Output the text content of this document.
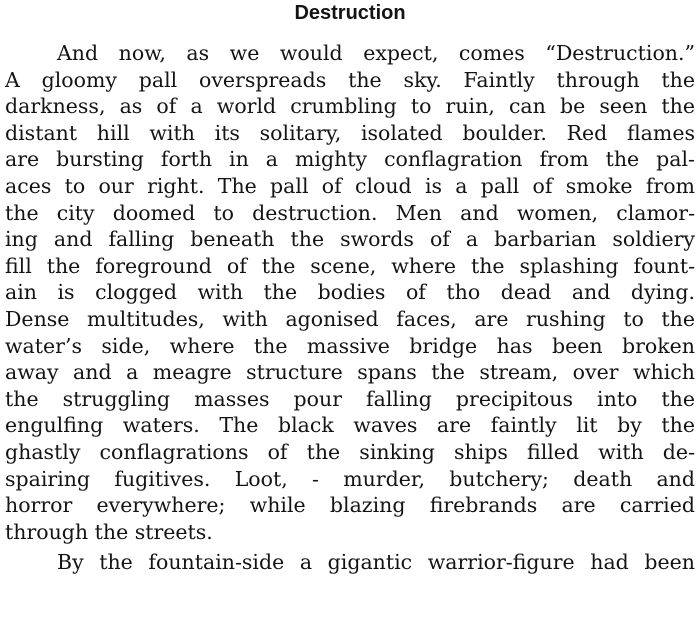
Destruction
And now, as we would expect, comes “Destruction.”
A gloomy pall overspreads the sky. Faintly through the
darkness, as of a world crumbling to ruin, can be seen the
distant hill with its solitary, isolated boulder. Red flames
are bursting forth in a mighty conflagration from the pal-
aces to our right. The pall of cloud is a pall of smoke from
the city doomed to destruction. Men and women, clamor-
ing and falling beneath the swords of a barbarian soldiery
fill the foreground of the scene, where the splashing fount-
ain is clogged with the bodies of tho dead and dying.
Dense multitudes, with agonised faces, are rushing to the
water’s side, where the massive bridge has been broken
away and a meagre structure spans the stream, over which
the struggling masses pour falling precipitous into the
engulfing waters. The black waves are faintly lit by the
ghastly conflagrations of the sinking ships filled with de-
spairing fugitives. Loot, - murder, butchery; death and
horror everywhere; while blazing firebrands are carried
through the streets.
By the fountain-side a gigantic warrior-figure had been
